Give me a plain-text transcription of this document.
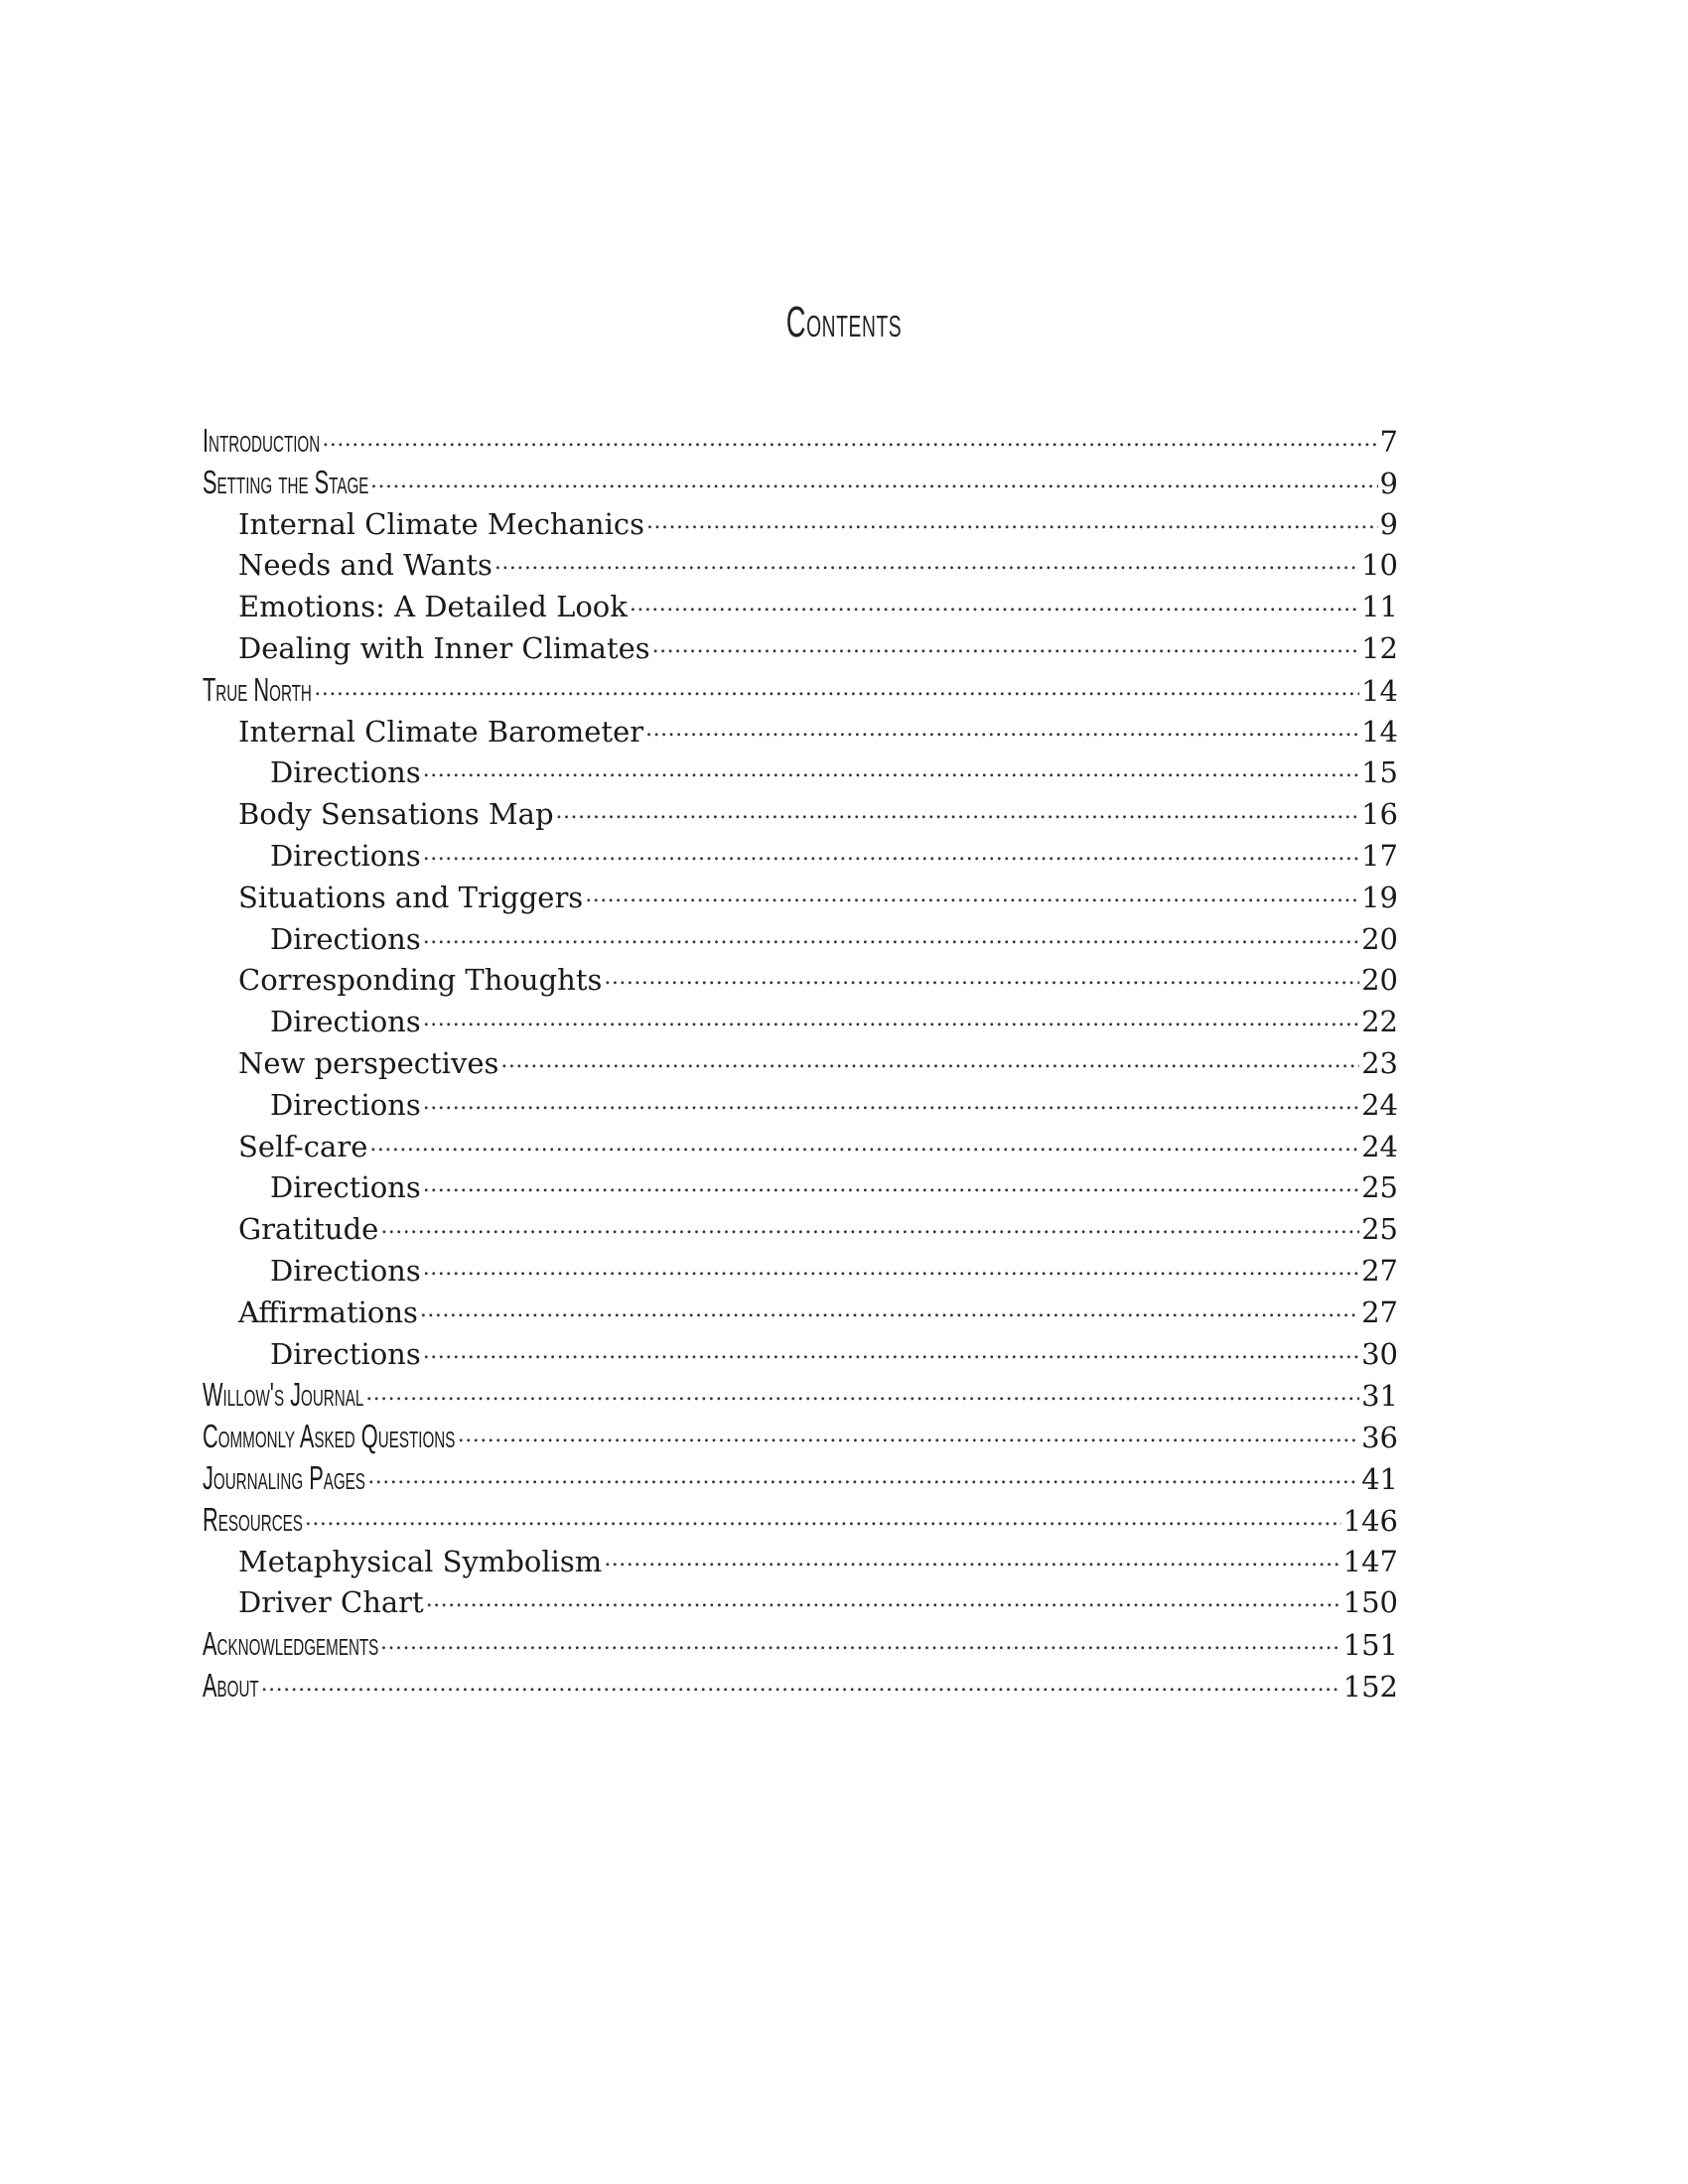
Contents
Introduction .....	7
Setting the Stage .....	9
Internal Climate Mechanics .....	9
Needs and Wants .....	10
Emotions: A Detailed Look .....	11
Dealing with Inner Climates .....	12
True North .....	14
Internal Climate Barometer .....	14
Directions .....	15
Body Sensations Map .....	16
Directions .....	17
Situations and Triggers .....	19
Directions .....	20
Corresponding Thoughts .....	20
Directions .....	22
New perspectives .....	23
Directions .....	24
Self-care .....	24
Directions .....	25
Gratitude .....	25
Directions .....	27
Affirmations .....	27
Directions .....	30
Willow's Journal .....	31
Commonly Asked Questions .....	36
Journaling Pages .....	41
Resources .....	146
Metaphysical Symbolism .....	147
Driver Chart .....	150
Acknowledgements .....	151
About .....	152
